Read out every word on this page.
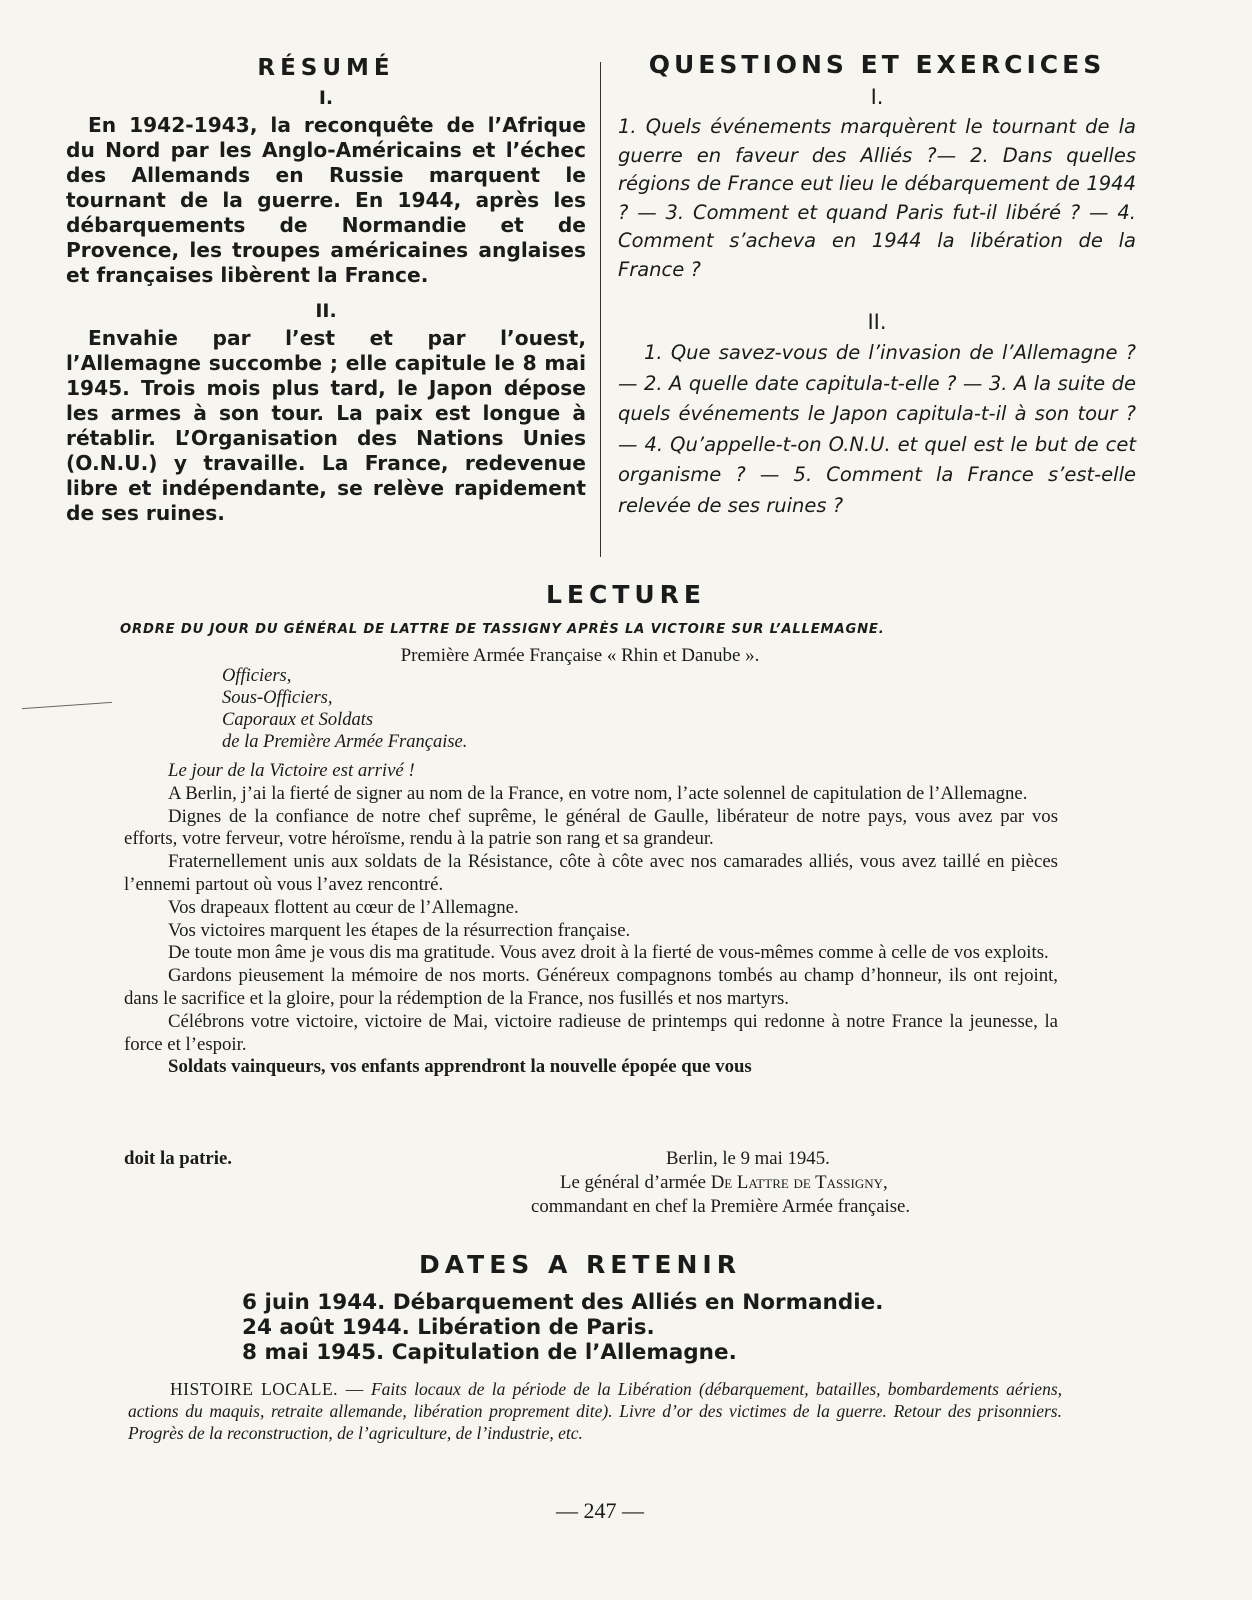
RÉSUMÉ
I.

En 1942-1943, la reconquête de l’Afrique du Nord par les Anglo-Américains et l’échec des Allemands en Russie marquent le tournant de la guerre. En 1944, après les débarquements de Normandie et de Provence, les troupes américaines anglaises et françaises libèrent la France.

II.

Envahie par l’est et par l’ouest, l’Allemagne succombe ; elle capitule le 8 mai 1945. Trois mois plus tard, le Japon dépose les armes à son tour. La paix est longue à rétablir. L’Organisation des Nations Unies (O.N.U.) y travaille. La France, redevenue libre et indépendante, se relève rapidement de ses ruines.

QUESTIONS ET EXERCICES
I.

1. Quels événements marquèrent le tournant de la guerre en faveur des Alliés ?— 2. Dans quelles régions de France eut lieu le débarquement de 1944 ? — 3. Comment et quand Paris fut-il libéré ? — 4. Comment s’acheva en 1944 la libération de la France ?

II.

1. Que savez-vous de l’invasion de l’Allemagne ? — 2. A quelle date capitula-t-elle ? — 3. A la suite de quels événements le Japon capitula-t-il à son tour ? — 4. Qu’appelle-t-on O.N.U. et quel est le but de cet organisme ? — 5. Comment la France s’est-elle relevée de ses ruines ?

LECTURE

ORDRE DU JOUR DU GÉNÉRAL DE LATTRE DE TASSIGNY APRÈS LA VICTOIRE SUR L’ALLEMAGNE.

Première Armée Française « Rhin et Danube ».

Officiers,
Sous-Officiers,
Caporaux et Soldats
de la Première Armée Française.

Le jour de la Victoire est arrivé !

A Berlin, j’ai la fierté de signer au nom de la France, en votre nom, l’acte solennel de capitulation de l’Allemagne.

Dignes de la confiance de notre chef suprême, le général de Gaulle, libérateur de notre pays, vous avez par vos efforts, votre ferveur, votre héroïsme, rendu à la patrie son rang et sa grandeur.

Fraternellement unis aux soldats de la Résistance, côte à côte avec nos camarades alliés, vous avez taillé en pièces l’ennemi partout où vous l’avez rencontré.

Vos drapeaux flottent au cœur de l’Allemagne.

Vos victoires marquent les étapes de la résurrection française.

De toute mon âme je vous dis ma gratitude. Vous avez droit à la fierté de vous-mêmes comme à celle de vos exploits.

Gardons pieusement la mémoire de nos morts. Généreux compagnons tombés au champ d’honneur, ils ont rejoint, dans le sacrifice et la gloire, pour la rédemption de la France, nos fusillés et nos martyrs.

Célébrons votre victoire, victoire de Mai, victoire radieuse de printemps qui redonne à notre France la jeunesse, la force et l’espoir.

Soldats vainqueurs, vos enfants apprendront la nouvelle épopée que vous

doit la patrie.	Berlin, le 9 mai 1945.

Le général d’armée De Lattre de Tassigny,

commandant en chef la Première Armée française.

DATES A RETENIR
6 juin 1944. Débarquement des Alliés en Normandie.
24 août 1944. Libération de Paris.
8 mai 1945. Capitulation de l’Allemagne.

HISTOIRE LOCALE. — Faits locaux de la période de la Libération (débarquement, batailles, bombardements aériens, actions du maquis, retraite allemande, libération proprement dite). Livre d’or des victimes de la guerre. Retour des prisonniers. Progrès de la reconstruction, de l’agriculture, de l’industrie, etc.

— 247 —
